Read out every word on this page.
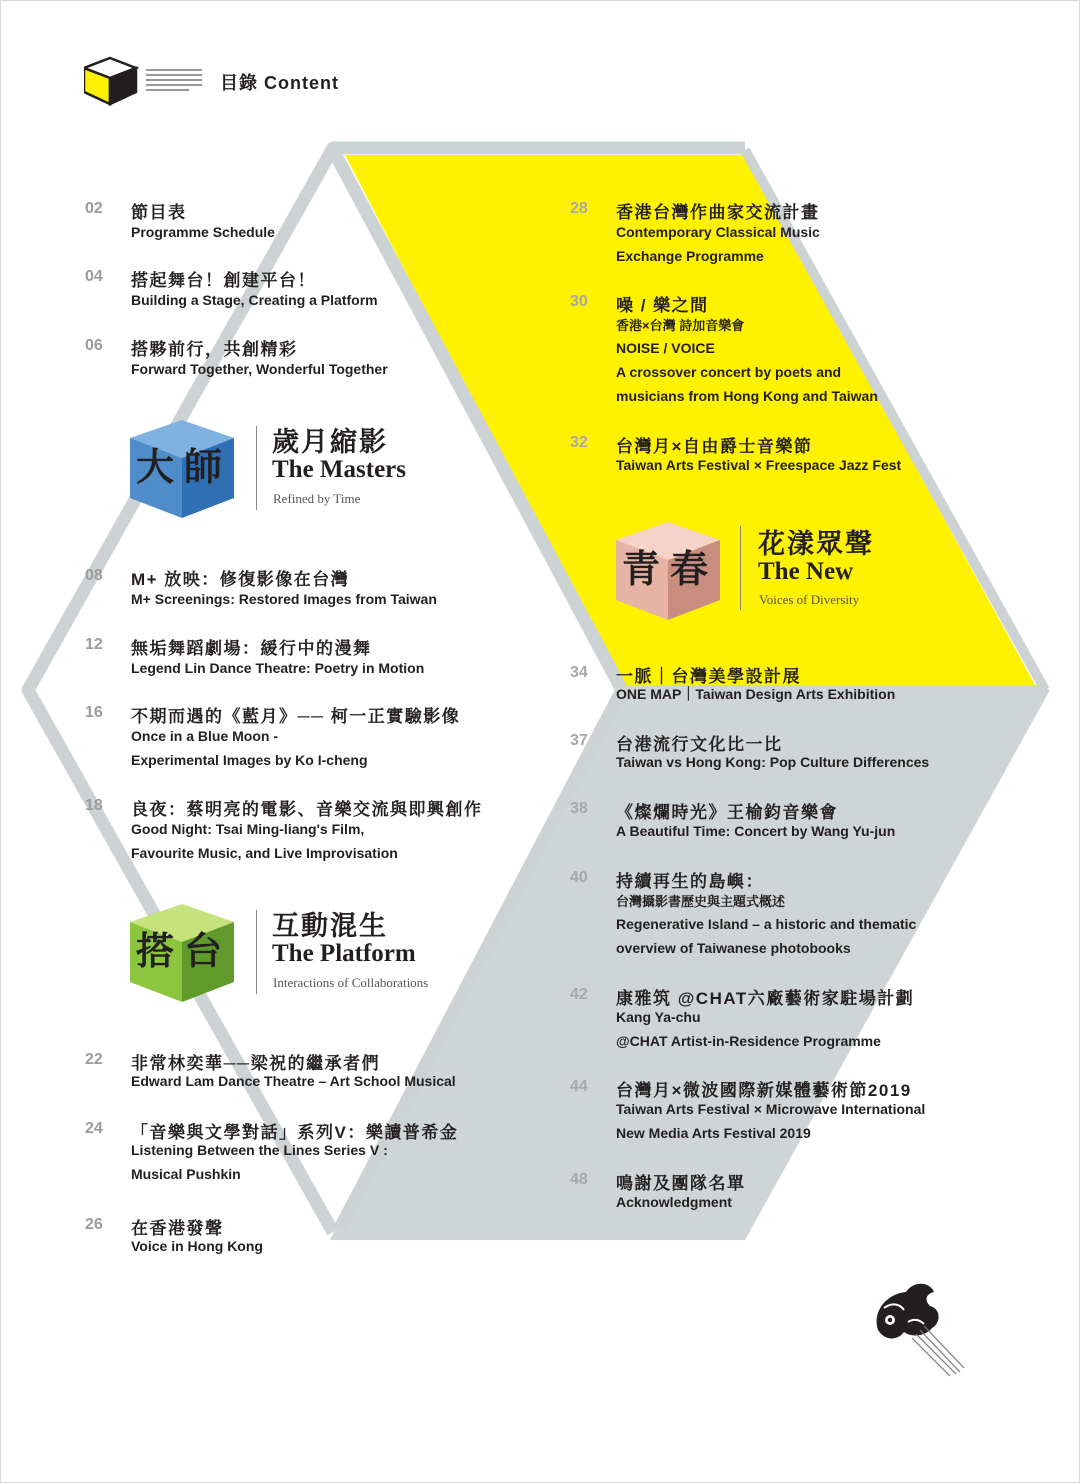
目錄 Content
02 節目表
Programme Schedule
04 搭起舞台！創建平台！
Building a Stage, Creating a Platform
06 搭夥前行，共創精彩
Forward Together, Wonderful Together
大 師
歲月縮影
The Masters
Refined by Time
08 M+ 放映：修復影像在台灣
M+ Screenings: Restored Images from Taiwan
12 無垢舞蹈劇場：緩行中的漫舞
Legend Lin Dance Theatre: Poetry in Motion
16 不期而遇的《藍月》── 柯一正實驗影像
Once in a Blue Moon -
Experimental Images by Ko I-cheng
18 良夜：蔡明亮的電影、音樂交流與即興創作
Good Night: Tsai Ming-liang's Film,
Favourite Music, and Live Improvisation
搭 台
互動混生
The Platform
Interactions of Collaborations
22 非常林奕華──梁祝的繼承者們
Edward Lam Dance Theatre – Art School Musical
24 「音樂與文學對話」系列V：樂讀普希金
Listening Between the Lines Series V :
Musical Pushkin
26 在香港發聲
Voice in Hong Kong
28 香港台灣作曲家交流計畫
Contemporary Classical Music
Exchange Programme
30 噪 / 樂之間
香港×台灣 詩加音樂會
NOISE / VOICE
A crossover concert by poets and
musicians from Hong Kong and Taiwan
32 台灣月×自由爵士音樂節
Taiwan Arts Festival × Freespace Jazz Fest
青 春
花漾眾聲
The New
Voices of Diversity
34 一脈｜台灣美學設計展
ONE MAP｜Taiwan Design Arts Exhibition
37 台港流行文化比一比
Taiwan vs Hong Kong: Pop Culture Differences
38 《燦爛時光》王榆鈞音樂會
A Beautiful Time: Concert by Wang Yu-jun
40 持續再生的島嶼：
台灣攝影書歷史與主題式概述
Regenerative Island – a historic and thematic
overview of Taiwanese photobooks
42 康雅筑 @CHAT六廠藝術家駐場計劃
Kang Ya-chu
@CHAT Artist-in-Residence Programme
44 台灣月×微波國際新媒體藝術節2019
Taiwan Arts Festival × Microwave International
New Media Arts Festival 2019
48 鳴謝及團隊名單
Acknowledgment
